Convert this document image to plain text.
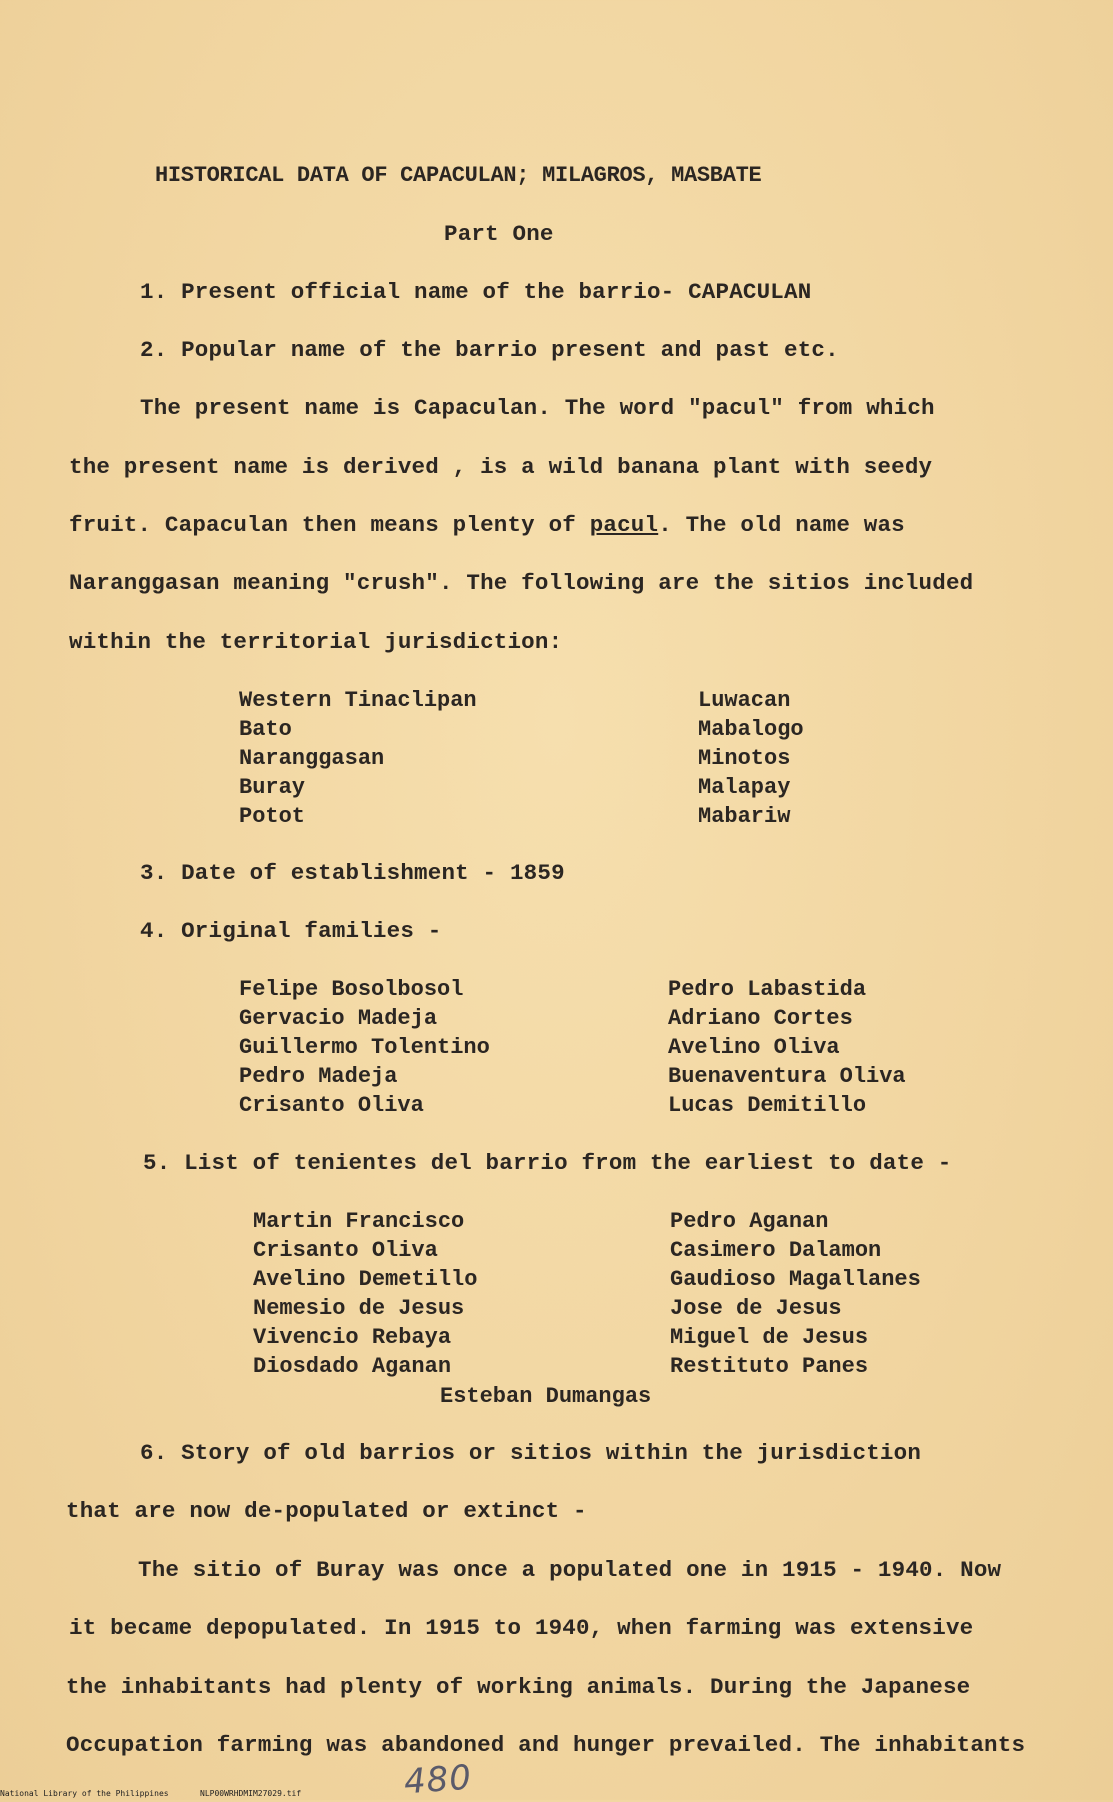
HISTORICAL DATA OF CAPACULAN; MILAGROS, MASBATE
Part One
1. Present official name of the barrio- CAPACULAN
2. Popular name of the barrio present and past etc.
The present name is Capaculan. The word "pacul" from which
the present name is derived , is a wild banana plant with seedy
fruit. Capaculan then means plenty of pacul. The old name was
Naranggasan meaning "crush". The following are the sitios included
within the territorial jurisdiction:
Western Tinaclipan
Bato
Naranggasan
Buray
Potot
Luwacan
Mabalogo
Minotos
Malapay
Mabariw
3. Date of establishment - 1859
4. Original families -
Felipe Bosolbosol
Gervacio Madeja
Guillermo Tolentino
Pedro Madeja
Crisanto Oliva
Pedro Labastida
Adriano Cortes
Avelino Oliva
Buenaventura Oliva
Lucas Demitillo
5. List of tenientes del barrio from the earliest to date -
Martin Francisco
Crisanto Oliva
Avelino Demetillo
Nemesio de Jesus
Vivencio Rebaya
Diosdado Aganan
Pedro Aganan
Casimero Dalamon
Gaudioso Magallanes
Jose de Jesus
Miguel de Jesus
Restituto Panes
Esteban Dumangas
6. Story of old barrios or sitios within the jurisdiction
that are now de-populated or extinct -
The sitio of Buray was once a populated one in 1915 - 1940. Now
it became depopulated. In 1915 to 1940, when farming was extensive
the inhabitants had plenty of working animals. During the Japanese
Occupation farming was abandoned and hunger prevailed. The inhabitants
480
National Library of the Philippines	NLP00WRHDMIM27029.tif
